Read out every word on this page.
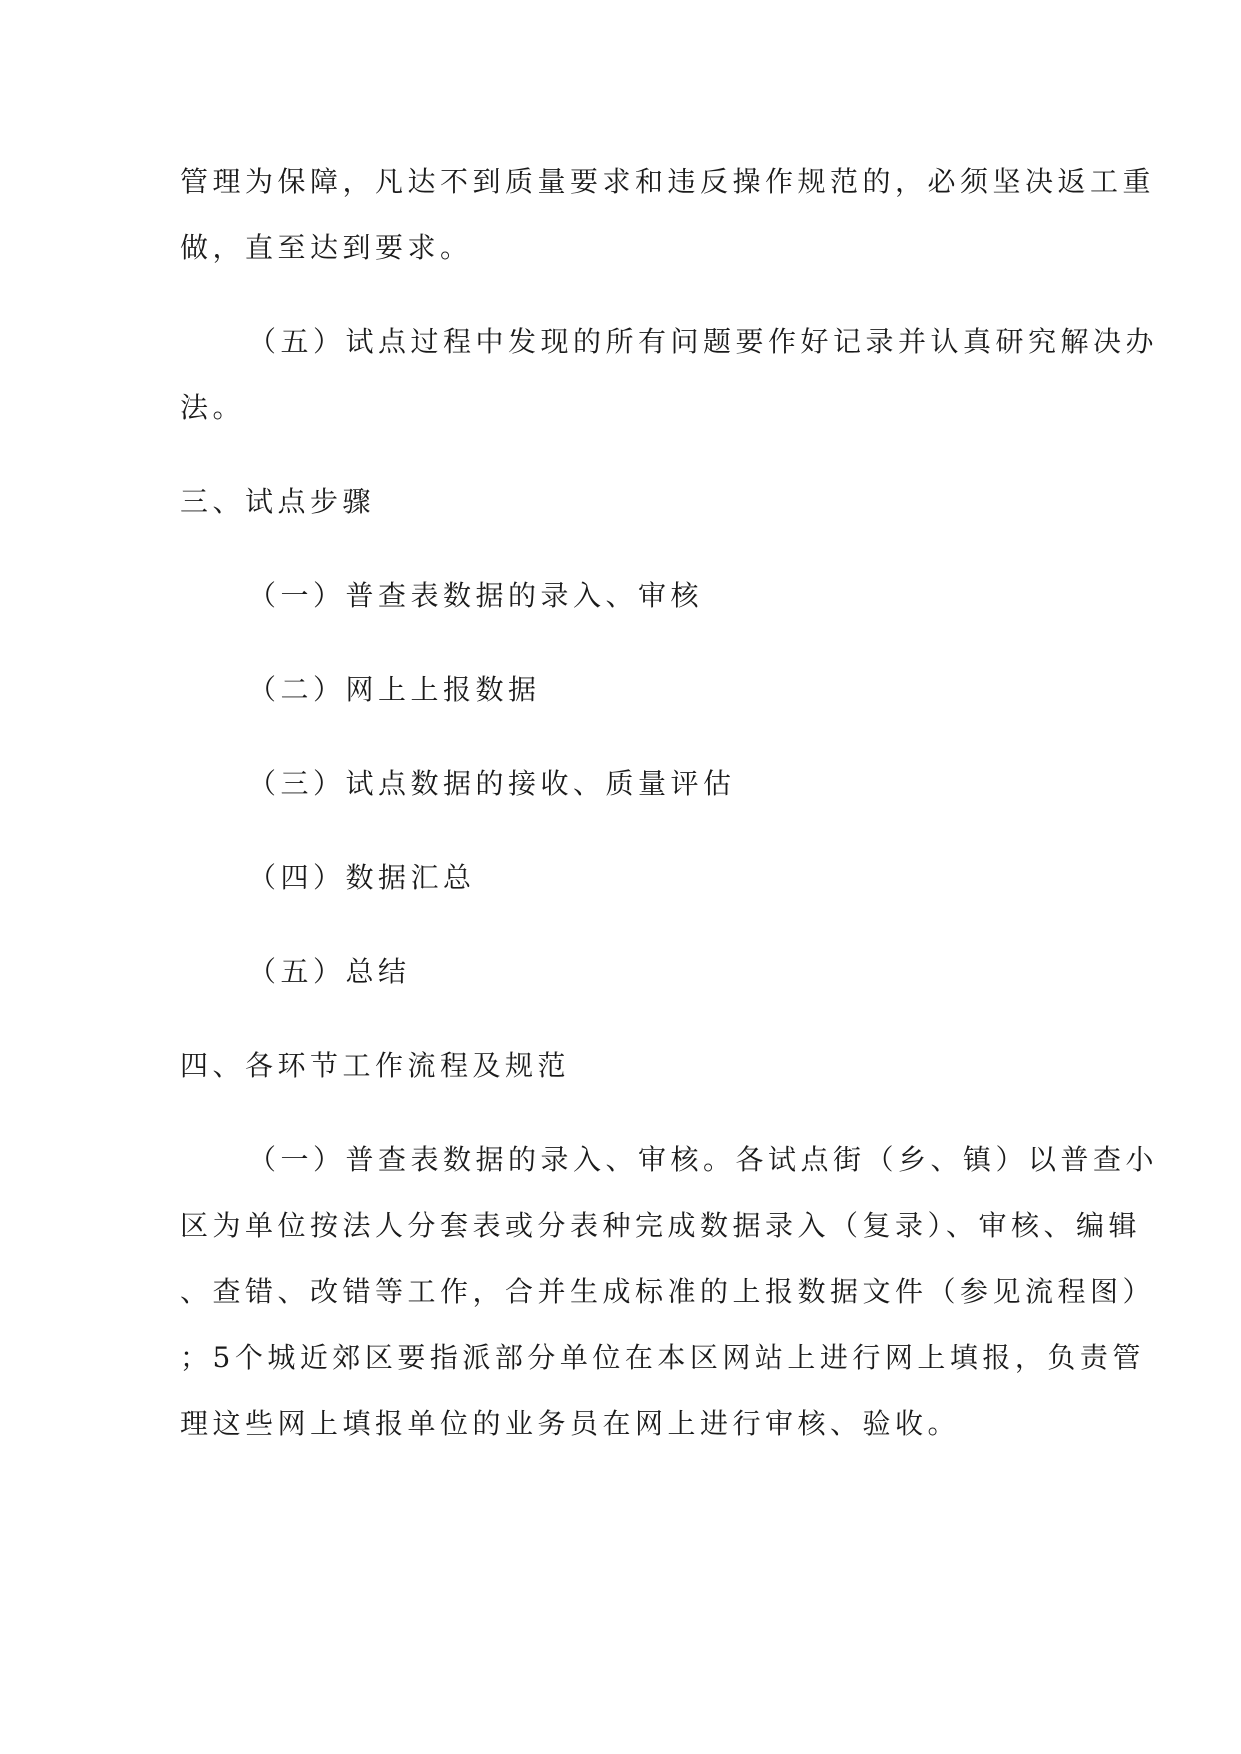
管理为保障，凡达不到质量要求和违反操作规范的，必须坚决返工重

做，直至达到要求。

（五）试点过程中发现的所有问题要作好记录并认真研究解决办

法。

三、试点步骤

（一）普查表数据的录入、审核

（二）网上上报数据

（三）试点数据的接收、质量评估

（四）数据汇总

（五）总结

四、各环节工作流程及规范

（一）普查表数据的录入、审核。各试点街（乡、镇）以普查小

区为单位按法人分套表或分表种完成数据录入（复录）、审核、编辑

、查错、改错等工作，合并生成标准的上报数据文件（参见流程图）

；5个城近郊区要指派部分单位在本区网站上进行网上填报，负责管

理这些网上填报单位的业务员在网上进行审核、验收。
